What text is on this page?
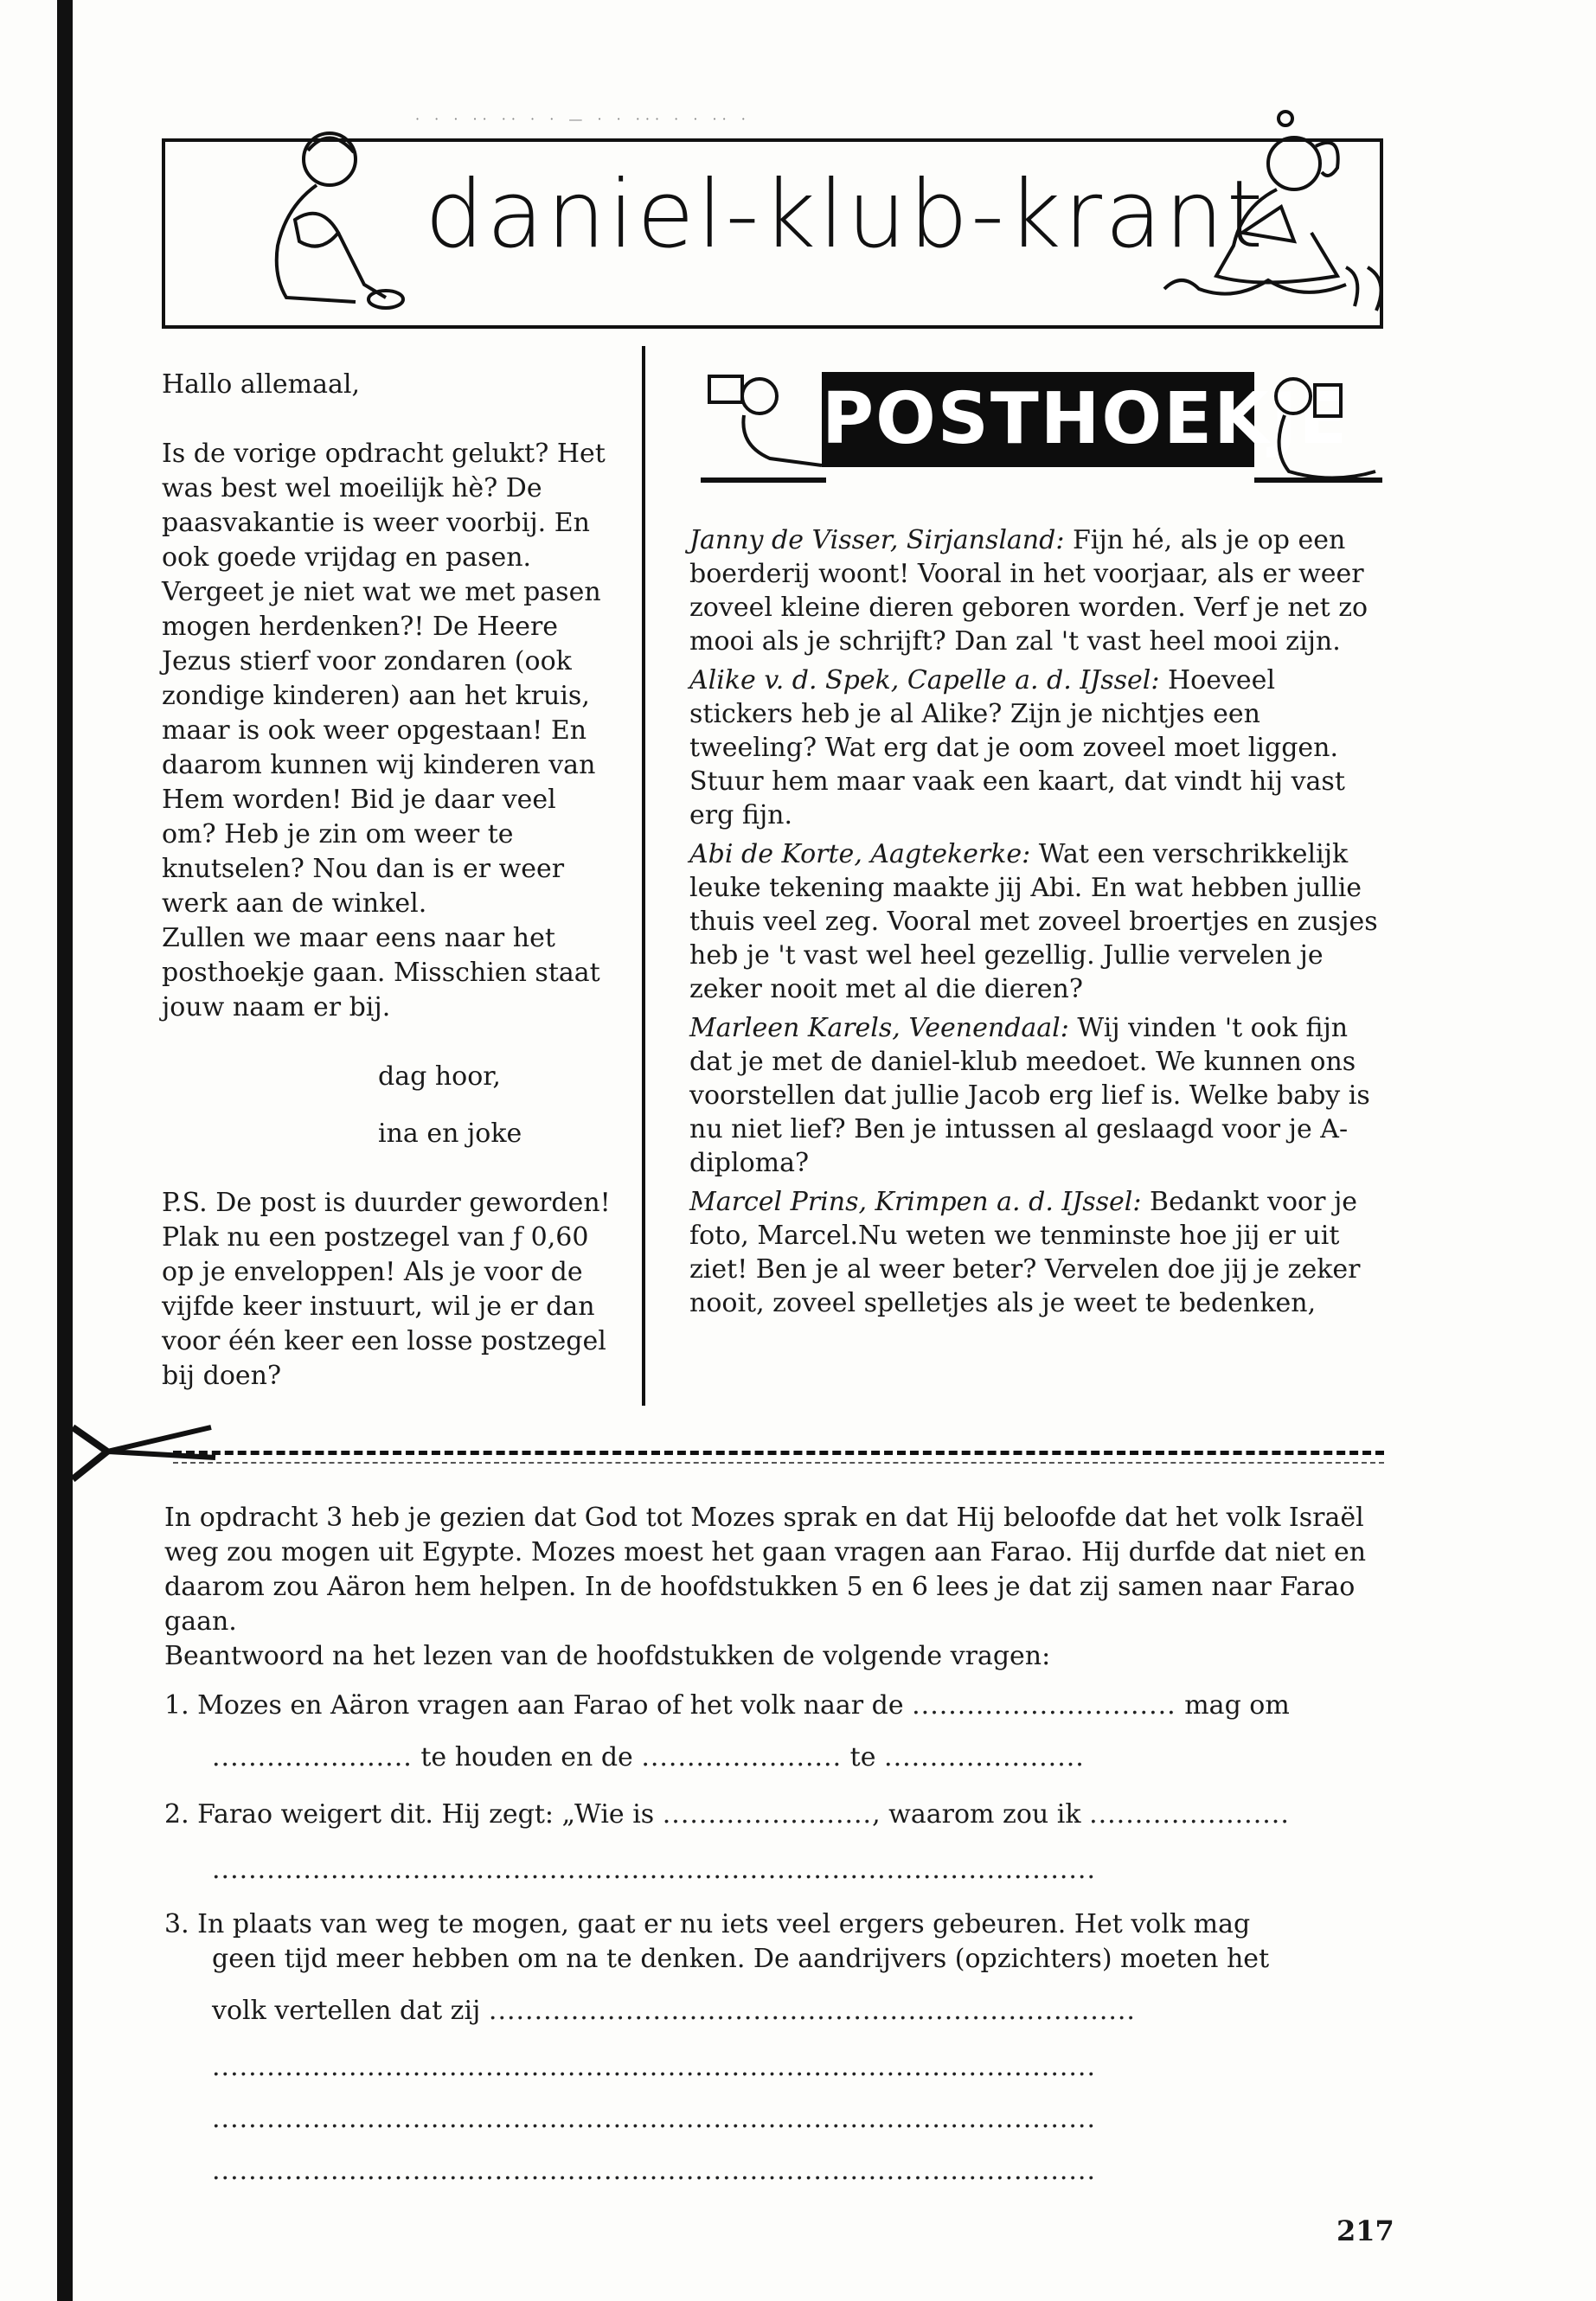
· · · ·· ·· · · — · · ··· · · ·· ·
daniel-klub-krant

Hallo allemaal,

Is de vorige opdracht gelukt? Het was best wel moeilijk hè? De paasvakantie is weer voorbij. En ook goede vrijdag en pasen. Vergeet je niet wat we met pasen mogen herdenken?! De Heere Jezus stierf voor zondaren (ook zondige kinderen) aan het kruis, maar is ook weer opgestaan! En daarom kunnen wij kinderen van Hem worden! Bid je daar veel om? Heb je zin om weer te knutselen? Nou dan is er weer werk aan de winkel.

Zullen we maar eens naar het posthoekje gaan. Misschien staat jouw naam er bij.

dag hoor,

ina en joke

P.S. De post is duurder geworden! Plak nu een postzegel van ƒ 0,60 op je enveloppen! Als je voor de vijfde keer instuurt, wil je er dan voor één keer een losse postzegel bij doen?

POSTHOEKJE

Janny de Visser, Sirjansland: Fijn hé, als je op een boerderij woont! Vooral in het voorjaar, als er weer zoveel kleine dieren geboren worden. Verf je net zo mooi als je schrijft? Dan zal 't vast heel mooi zijn.

Alike v. d. Spek, Capelle a. d. IJssel: Hoeveel stickers heb je al Alike? Zijn je nichtjes een tweeling? Wat erg dat je oom zoveel moet liggen. Stuur hem maar vaak een kaart, dat vindt hij vast erg fijn.

Abi de Korte, Aagtekerke: Wat een verschrikkelijk leuke tekening maakte jij Abi. En wat hebben jullie thuis veel zeg. Vooral met zoveel broertjes en zusjes heb je 't vast wel heel gezellig. Jullie vervelen je zeker nooit met al die dieren?

Marleen Karels, Veenendaal: Wij vinden 't ook fijn dat je met de daniel-klub meedoet. We kunnen ons voorstellen dat jullie Jacob erg lief is. Welke baby is nu niet lief? Ben je intussen al geslaagd voor je A-diploma?

Marcel Prins, Krimpen a. d. IJssel: Bedankt voor je foto, Marcel.Nu weten we tenminste hoe jij er uit ziet! Ben je al weer beter? Vervelen doe jij je zeker nooit, zoveel spelletjes als je weet te bedenken,

In opdracht 3 heb je gezien dat God tot Mozes sprak en dat Hij beloofde dat het volk Israël weg zou mogen uit Egypte. Mozes moest het gaan vragen aan Farao. Hij durfde dat niet en daarom zou Aäron hem helpen. In de hoofdstukken 5 en 6 lees je dat zij samen naar Farao gaan.

Beantwoord na het lezen van de hoofdstukken de volgende vragen:

1. Mozes en Aäron vragen aan Farao of het volk naar de ............................. mag om
...................... te houden en de ...................... te ......................
2. Farao weigert dit. Hij zegt: „Wie is ......................., waarom zou ik ......................
.................................................................................................
3. In plaats van weg te mogen, gaat er nu iets veel ergers gebeuren. Het volk mag
geen tijd meer hebben om na te denken. De aandrijvers (opzichters) moeten het
volk vertellen dat zij .......................................................................
.................................................................................................
.................................................................................................
.................................................................................................
217
